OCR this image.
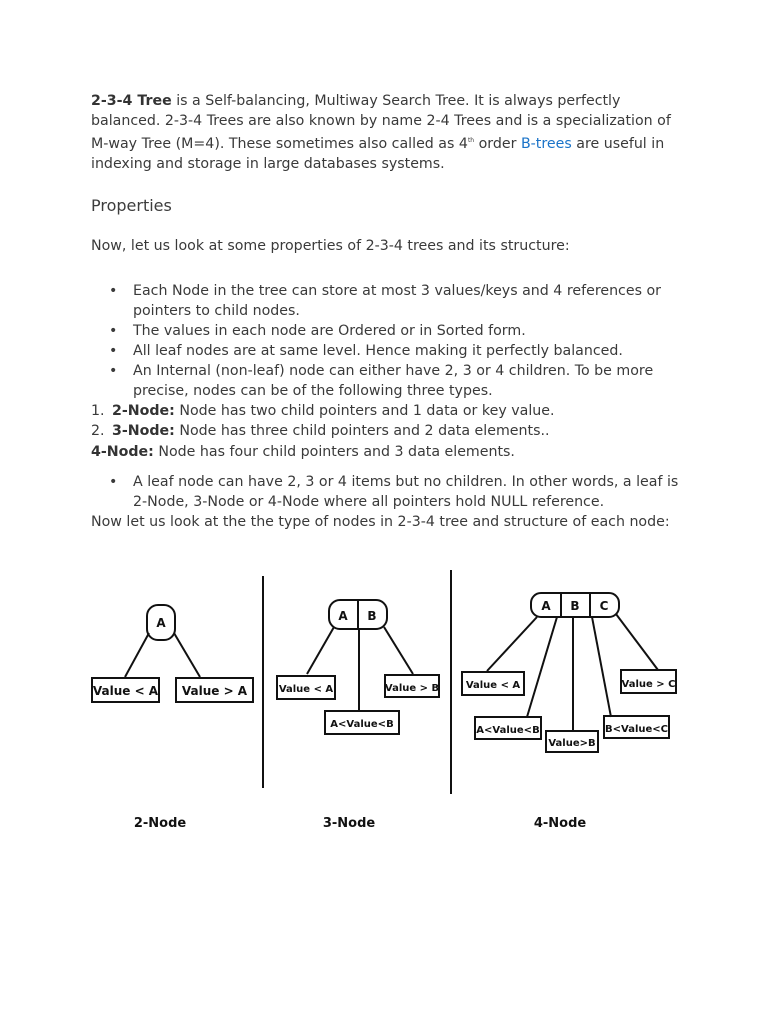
2-3-4 Tree is a Self-balancing, Multiway Search Tree. It is always perfectly balanced. 2-3-4 Trees are also known by name 2-4 Trees and is a specialization of M-way Tree (M=4). These sometimes also called as 4th order B-trees are useful in indexing and storage in large databases systems.

Properties

Now, let us look at some properties of 2-3-4 trees and its structure:

• Each Node in the tree can store at most 3 values/keys and 4 references or pointers to child nodes.
• The values in each node are Ordered or in Sorted form.
• All leaf nodes are at same level. Hence making it perfectly balanced.
• An Internal (non-leaf) node can either have 2, 3 or 4 children. To be more precise, nodes can be of the following three types.
1. 2-Node: Node has two child pointers and 1 data or key value.
2. 3-Node: Node has three child pointers and 2 data elements..
4-Node: Node has four child pointers and 3 data elements.
• A leaf node can have 2, 3 or 4 items but no children. In other words, a leaf is 2-Node, 3-Node or 4-Node where all pointers hold NULL reference.

Now let us look at the the type of nodes in 2-3-4 tree and structure of each node:

A
Value < A Value > A
2-Node
A B
Value < A
A<Value<B
Value > B
3-Node
A B C
Value < A
A<Value<B
Value>B
B<Value<C
Value > C
4-Node
